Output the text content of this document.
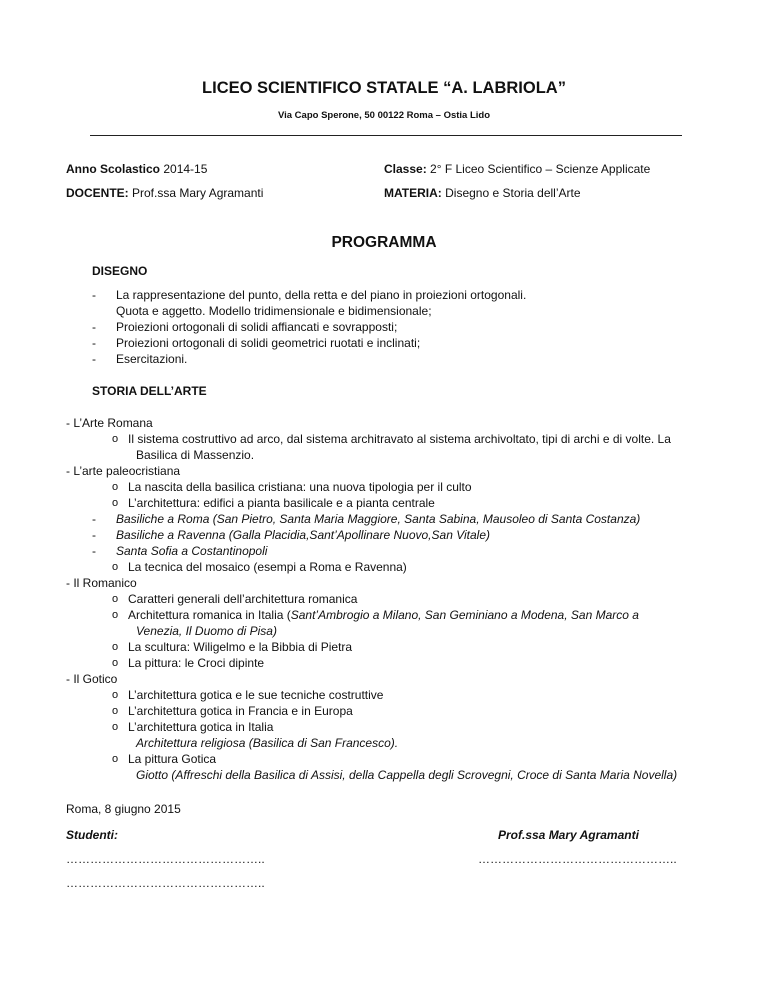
LICEO SCIENTIFICO STATALE “A. LABRIOLA”
Via Capo Sperone, 50 00122 Roma – Ostia Lido
Anno Scolastico 2014-15	Classe: 2° F Liceo Scientifico – Scienze Applicate
DOCENTE: Prof.ssa Mary Agramanti	MATERIA: Disegno e Storia dell’Arte
PROGRAMMA
DISEGNO
- La rappresentazione del punto, della retta e del piano in proiezioni ortogonali.
Quota e aggetto. Modello tridimensionale e bidimensionale;
- Proiezioni ortogonali di solidi affiancati e sovrapposti;
- Proiezioni ortogonali di solidi geometrici ruotati e inclinati;
- Esercitazioni.
STORIA DELL’ARTE
- L’Arte Romana
o Il sistema costruttivo ad arco, dal sistema architravato al sistema archivoltato, tipi di archi e di volte. La
Basilica di Massenzio.
- L’arte paleocristiana
o La nascita della basilica cristiana: una nuova tipologia per il culto
o L’architettura: edifici a pianta basilicale e a pianta centrale
- Basiliche a Roma (San Pietro, Santa Maria Maggiore, Santa Sabina, Mausoleo di Santa Costanza)
- Basiliche a Ravenna (Galla Placidia,Sant’Apollinare Nuovo,San Vitale)
- Santa Sofia a Costantinopoli
o La tecnica del mosaico (esempi a Roma e Ravenna)
- Il Romanico
o Caratteri generali dell’architettura romanica
o Architettura romanica in Italia (Sant’Ambrogio a Milano, San Geminiano a Modena, San Marco a
Venezia, Il Duomo di Pisa)
o La scultura: Wiligelmo e la Bibbia di Pietra
o La pittura: le Croci dipinte
- Il Gotico
o L’architettura gotica e le sue tecniche costruttive
o L’architettura gotica in Francia e in Europa
o L’architettura gotica in Italia
Architettura religiosa (Basilica di San Francesco).
o La pittura Gotica
Giotto (Affreschi della Basilica di Assisi, della Cappella degli Scrovegni, Croce di Santa Maria Novella)
Roma, 8 giugno 2015
Studenti:	Prof.ssa Mary Agramanti
…………………………………………..	…………………………………………..
…………………………………………..
